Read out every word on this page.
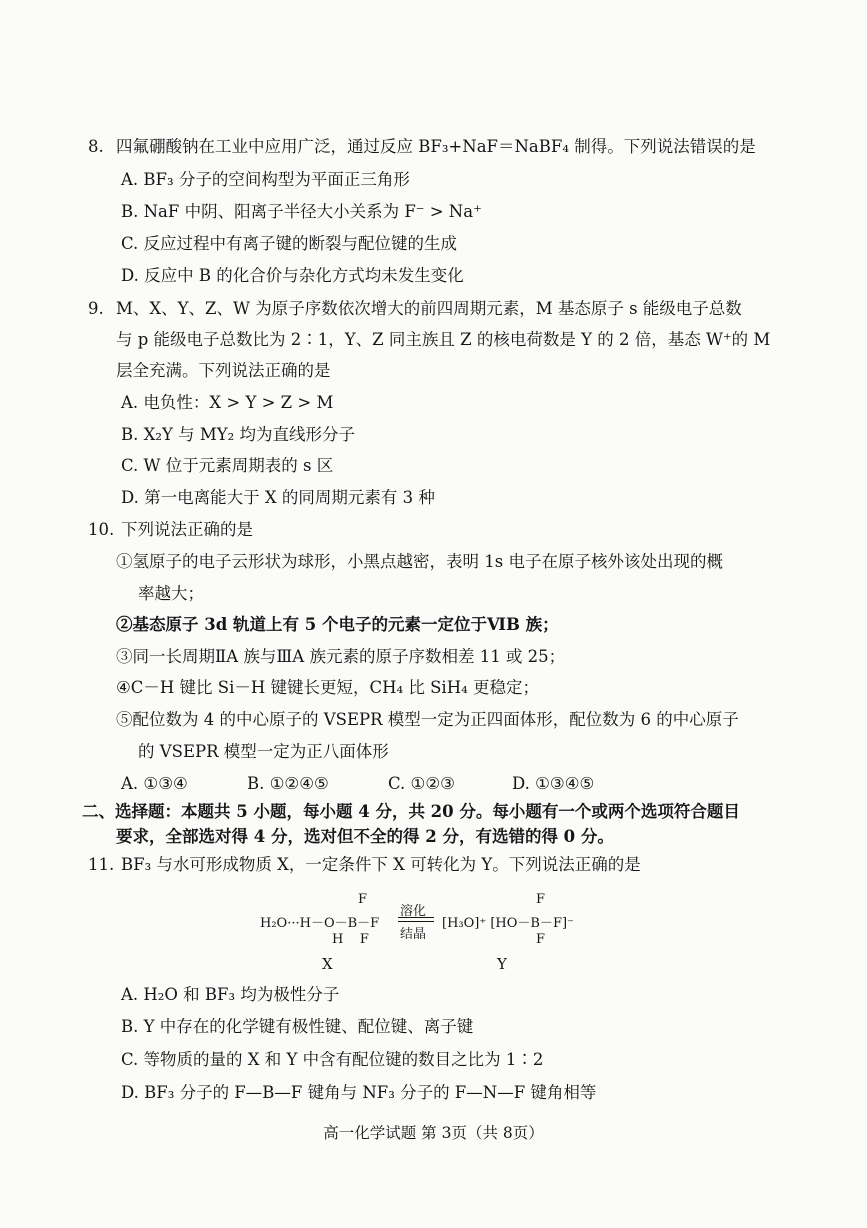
8. 四氟硼酸钠在工业中应用广泛，通过反应 BF₃+NaF＝NaBF₄ 制得。下列说法错误的是
A. BF₃ 分子的空间构型为平面正三角形
B. NaF 中阴、阳离子半径大小关系为 F⁻ > Na⁺
C. 反应过程中有离子键的断裂与配位键的生成
D. 反应中 B 的化合价与杂化方式均未发生变化
9. M、X、Y、Z、W 为原子序数依次增大的前四周期元素，M 基态原子 s 能级电子总数
与 p 能级电子总数比为 2∶1，Y、Z 同主族且 Z 的核电荷数是 Y 的 2 倍，基态 W⁺的 M
层全充满。下列说法正确的是
A. 电负性：X > Y > Z > M
B. X₂Y 与 MY₂ 均为直线形分子
C. W 位于元素周期表的 s 区
D. 第一电离能大于 X 的同周期元素有 3 种
10. 下列说法正确的是
①氢原子的电子云形状为球形，小黑点越密，表明 1s 电子在原子核外该处出现的概
率越大；
②基态原子 3d 轨道上有 5 个电子的元素一定位于ⅥB 族；
③同一长周期ⅡA 族与ⅢA 族元素的原子序数相差 11 或 25；
④C－H 键比 Si－H 键键长更短，CH₄ 比 SiH₄ 更稳定；
⑤配位数为 4 的中心原子的 VSEPR 模型一定为正四面体形，配位数为 6 的中心原子
的 VSEPR 模型一定为正八面体形
A. ①③④	B. ①②④⑤	C. ①②③	D. ①③④⑤
二、选择题：本题共 5 小题，每小题 4 分，共 20 分。每小题有一个或两个选项符合题目
要求，全部选对得 4 分，选对但不全的得 2 分，有选错的得 0 分。
11. BF₃ 与水可形成物质 X，一定条件下 X 可转化为 Y。下列说法正确的是
F
H₂O···H－O－B－F
H    F
溶化
结晶
F
[H₃O]⁺ [HO－B－F]⁻
F
X	Y
A. H₂O 和 BF₃ 均为极性分子
B. Y 中存在的化学键有极性键、配位键、离子键
C. 等物质的量的 X 和 Y 中含有配位键的数目之比为 1∶2
D. BF₃ 分子的 F—B—F 键角与 NF₃ 分子的 F—N—F 键角相等
高一化学试题 第 3页（共 8页）
